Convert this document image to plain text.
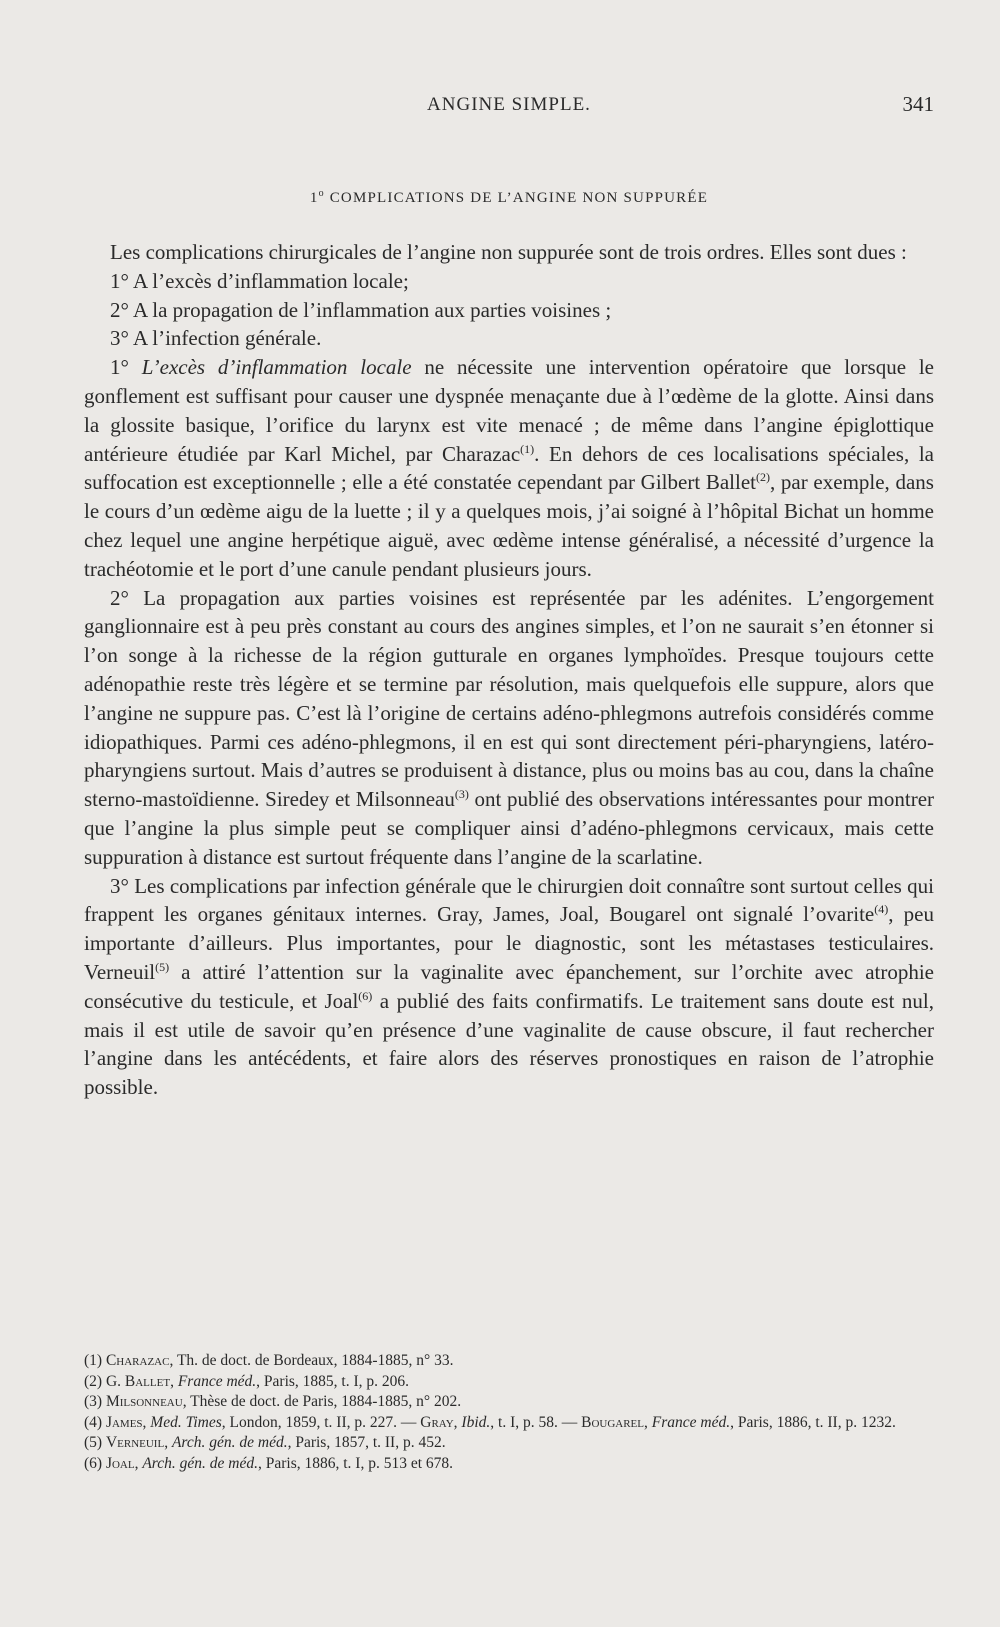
ANGINE SIMPLE.	341
1$^o$ COMPLICATIONS DE L’ANGINE NON SUPPURÉE

Les complications chirurgicales de l’angine non suppurée sont de trois ordres. Elles sont dues :

1° A l’excès d’inflammation locale;

2° A la propagation de l’inflammation aux parties voisines ;

3° A l’infection générale.

1° L’excès d’inflammation locale ne nécessite une intervention opératoire que lorsque le gonflement est suffisant pour causer une dyspnée menaçante due à l’œdème de la glotte. Ainsi dans la glossite basique, l’orifice du larynx est vite menacé ; de même dans l’angine épiglottique antérieure étudiée par Karl Michel, par Charazac$^{(1)}$. En dehors de ces localisations spéciales, la suffocation est exceptionnelle ; elle a été constatée cependant par Gilbert Ballet$^{(2)}$, par exemple, dans le cours d’un œdème aigu de la luette ; il y a quelques mois, j’ai soigné à l’hôpital Bichat un homme chez lequel une angine herpétique aiguë, avec œdème intense généralisé, a nécessité d’urgence la trachéotomie et le port d’une canule pendant plusieurs jours.

2° La propagation aux parties voisines est représentée par les adénites. L’engorgement ganglionnaire est à peu près constant au cours des angines simples, et l’on ne saurait s’en étonner si l’on songe à la richesse de la région gutturale en organes lymphoïdes. Presque toujours cette adénopathie reste très légère et se termine par résolution, mais quelquefois elle suppure, alors que l’angine ne suppure pas. C’est là l’origine de certains adéno-phlegmons autrefois considérés comme idiopathiques. Parmi ces adéno-phlegmons, il en est qui sont directement péri-pharyngiens, latéro-pharyngiens surtout. Mais d’autres se produisent à distance, plus ou moins bas au cou, dans la chaîne sterno-mastoïdienne. Siredey et Milsonneau$^{(3)}$ ont publié des observations intéressantes pour montrer que l’angine la plus simple peut se compliquer ainsi d’adéno-phlegmons cervicaux, mais cette suppuration à distance est surtout fréquente dans l’angine de la scarlatine.

3° Les complications par infection générale que le chirurgien doit connaître sont surtout celles qui frappent les organes génitaux internes. Gray, James, Joal, Bougarel ont signalé l’ovarite$^{(4)}$, peu importante d’ailleurs. Plus importantes, pour le diagnostic, sont les métastases testiculaires. Verneuil$^{(5)}$ a attiré l’attention sur la vaginalite avec épanchement, sur l’orchite avec atrophie consécutive du testicule, et Joal$^{(6)}$ a publié des faits confirmatifs. Le traitement sans doute est nul, mais il est utile de savoir qu’en présence d’une vaginalite de cause obscure, il faut rechercher l’angine dans les antécédents, et faire alors des réserves pronostiques en raison de l’atrophie possible.

(1) Charazac, Th. de doct. de Bordeaux, 1884-1885, n° 33.

(2) G. Ballet, France méd., Paris, 1885, t. I, p. 206.

(3) Milsonneau, Thèse de doct. de Paris, 1884-1885, n° 202.

(4) James, Med. Times, London, 1859, t. II, p. 227. — Gray, Ibid., t. I, p. 58. — Bougarel, France méd., Paris, 1886, t. II, p. 1232.

(5) Verneuil, Arch. gén. de méd., Paris, 1857, t. II, p. 452.

(6) Joal, Arch. gén. de méd., Paris, 1886, t. I, p. 513 et 678.
